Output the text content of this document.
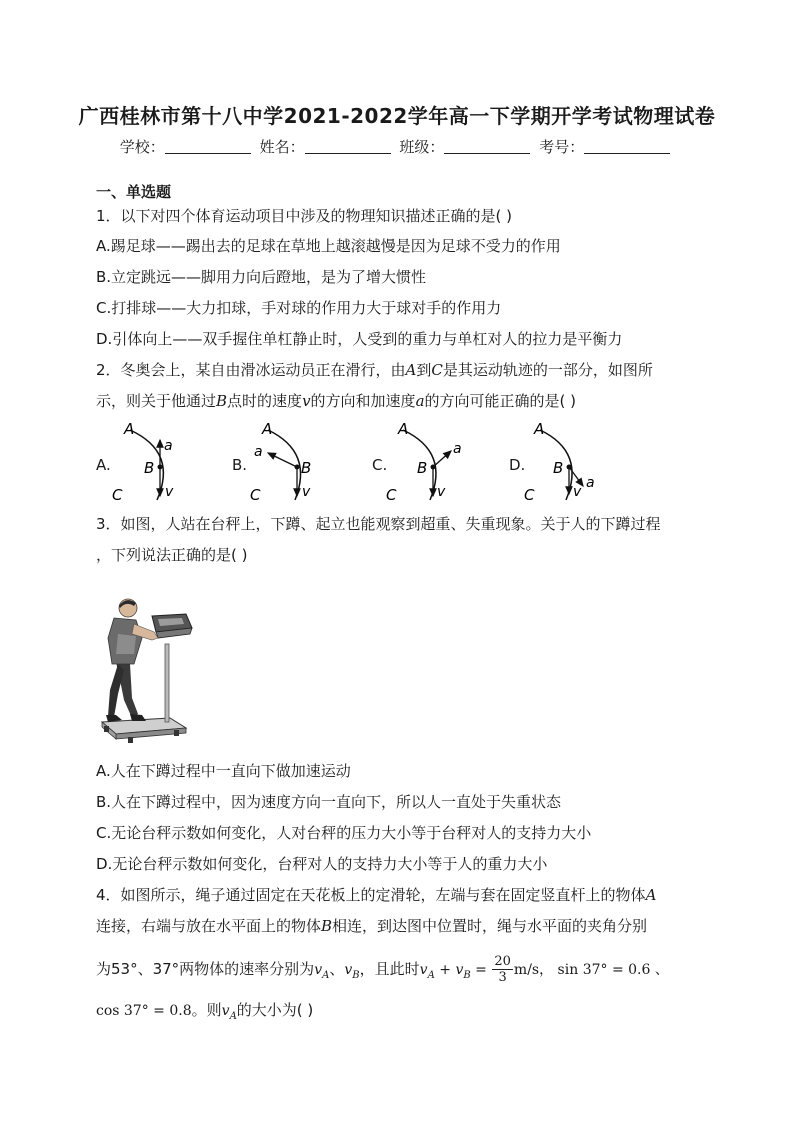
广西桂林市第十八中学2021-2022学年高一下学期开学考试物理试卷
学校：	姓名：	班级：	考号：
一、单选题
1．以下对四个体育运动项目中涉及的物理知识描述正确的是( )
A.踢足球——踢出去的足球在草地上越滚越慢是因为足球不受力的作用
B.立定跳远——脚用力向后蹬地，是为了增大惯性
C.打排球——大力扣球，手对球的作用力大于球对手的作用力
D.引体向上——双手握住单杠静止时，人受到的重力与单杠对人的拉力是平衡力
2．冬奥会上，某自由滑冰运动员正在滑行，由A到C是其运动轨迹的一部分，如图所
示，则关于他通过B点时的速度v的方向和加速度a的方向可能正确的是( )
A.	B.	C.	D.
A
B
C	v
a
A
B
C	v
a
A
B
C	v
a
A
B
C	v
a
3．如图，人站在台秤上，下蹲、起立也能观察到超重、失重现象。关于人的下蹲过程
，下列说法正确的是( )
A.人在下蹲过程中一直向下做加速运动
B.人在下蹲过程中，因为速度方向一直向下，所以人一直处于失重状态
C.无论台秤示数如何变化，人对台秤的压力大小等于台秤对人的支持力大小
D.无论台秤示数如何变化，台秤对人的支持力大小等于人的重力大小
4．如图所示，绳子通过固定在天花板上的定滑轮，左端与套在固定竖直杆上的物体A
连接，右端与放在水平面上的物体B相连，到达图中位置时，绳与水平面的夹角分别
为53°、37°两物体的速率分别为$v_A$、$v_B$，且此时$v_A + v_B = \frac{20}{3} m/s$， sin 37° = 0.6 、
cos 37° = 0.8。则$v_A$的大小为( )
